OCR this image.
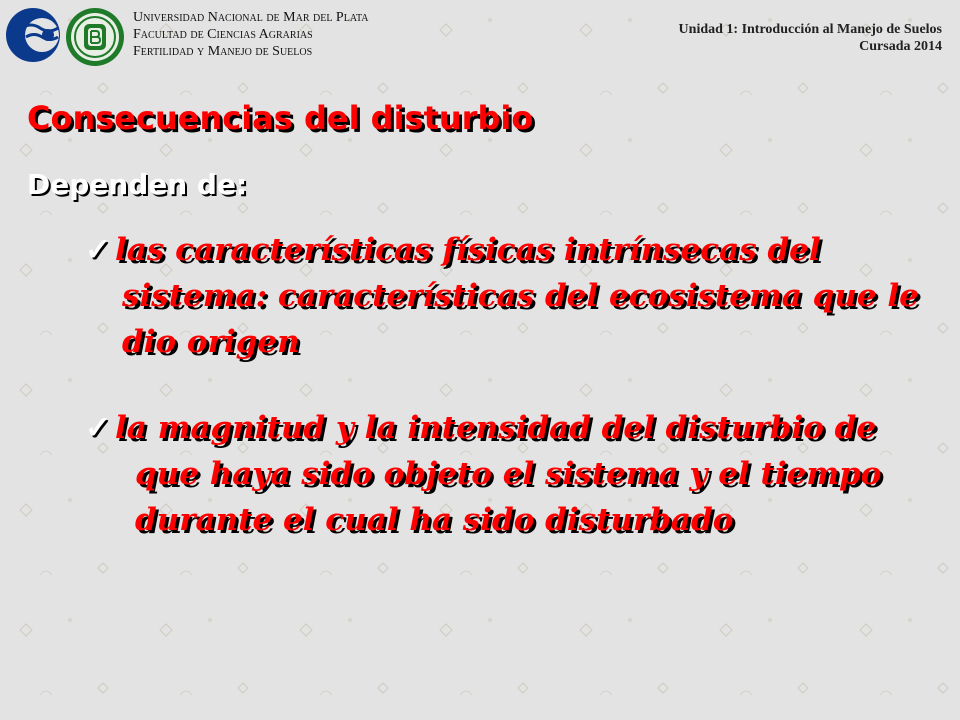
Universidad Nacional de Mar del Plata
Facultad de Ciencias Agrarias
Fertilidad y Manejo de Suelos
Unidad 1: Introducción al Manejo de Suelos
Cursada 2014
Consecuencias del disturbio
Dependen de:
✓ las características físicas intrínsecas del
sistema: características del ecosistema que le
dio origen
✓ la magnitud y la intensidad del disturbio de
que haya sido objeto el sistema y el tiempo
durante el cual ha sido disturbado
